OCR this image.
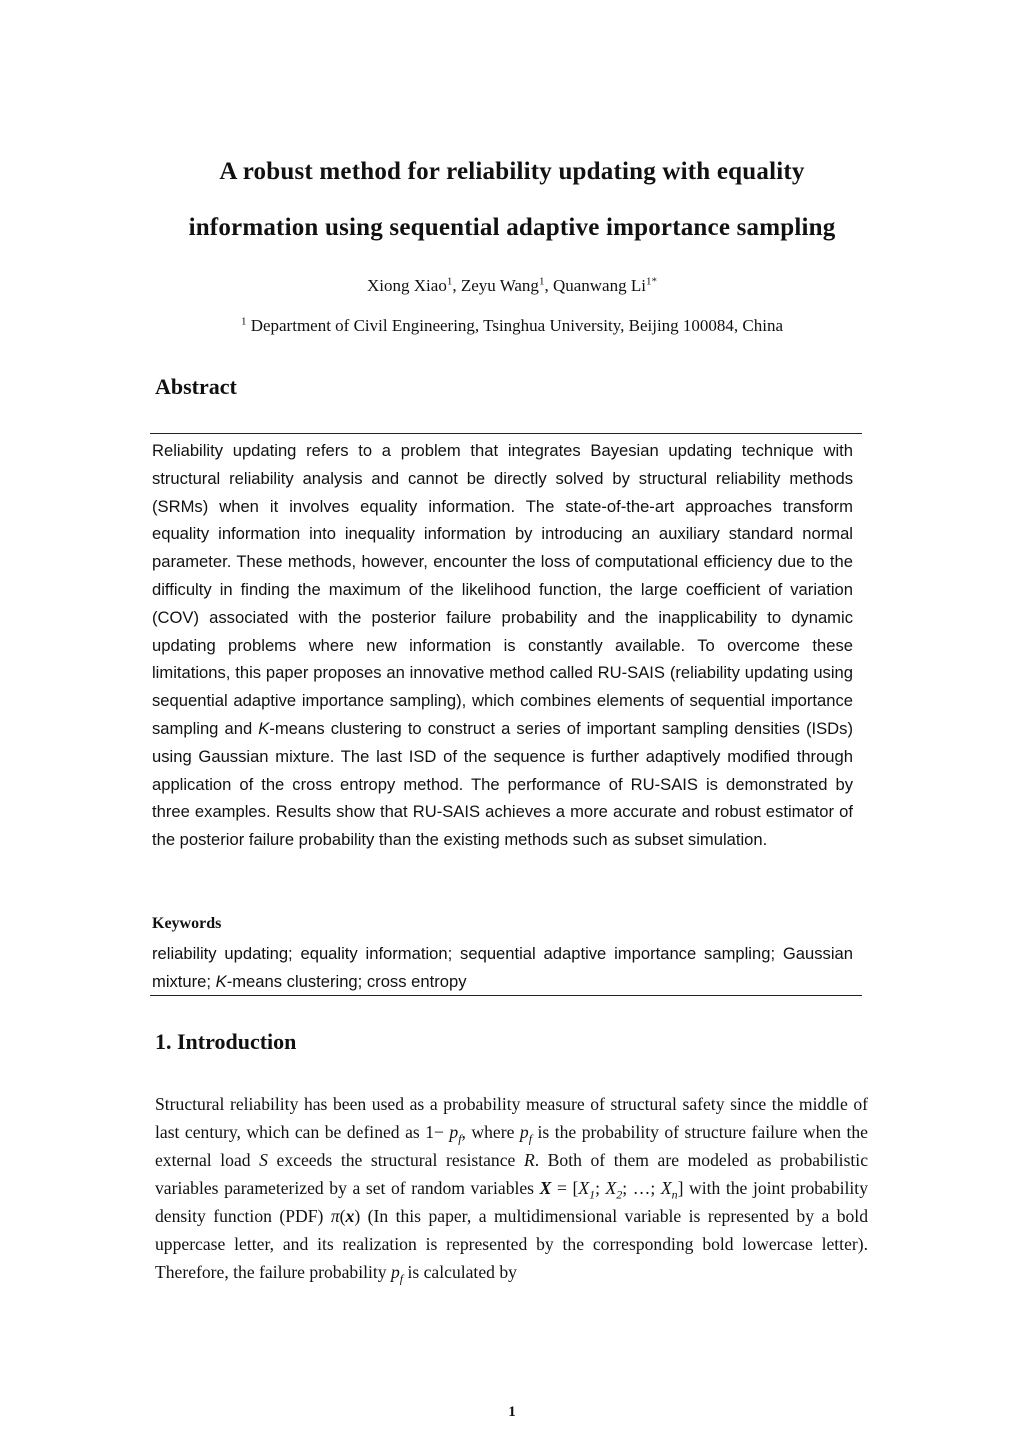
A robust method for reliability updating with equality
information using sequential adaptive importance sampling
Xiong Xiao$^1$, Zeyu Wang$^1$, Quanwang $Li^{1*}$
$^1$ Department of Civil Engineering, Tsinghua University, Beijing 100084, China
Abstract
Reliability updating refers to a problem that integrates Bayesian updating technique with structural reliability analysis and cannot be directly solved by structural reliability methods (SRMs) when it involves equality information. The state-of-the-art approaches transform equality information into inequality information by introducing an auxiliary standard normal parameter. These methods, however, encounter the loss of computational efficiency due to the difficulty in finding the maximum of the likelihood function, the large coefficient of variation (COV) associated with the posterior failure probability and the inapplicability to dynamic updating problems where new information is constantly available. To overcome these limitations, this paper proposes an innovative method called RU-SAIS (reliability updating using sequential adaptive importance sampling), which combines elements of sequential importance sampling and K-means clustering to construct a series of important sampling densities (ISDs) using Gaussian mixture. The last ISD of the sequence is further adaptively modified through application of the cross entropy method. The performance of RU-SAIS is demonstrated by three examples. Results show that RU-SAIS achieves a more accurate and robust estimator of the posterior failure probability than the existing methods such as subset simulation.
Keywords
reliability updating; equality information; sequential adaptive importance sampling; Gaussian mixture; K-means clustering; cross entropy
1. Introduction
Structural reliability has been used as a probability measure of structural safety since the middle of last century, which can be defined as $1- p_f$, where $p_f$ is the probability of structure failure when the external load S exceeds the structural resistance R. Both of them are modeled as probabilistic variables parameterized by a set of random variables $X = [X_1$; $X_2$; …; $X_n$] with the joint probability density function (PDF) π(x) (In this paper, a multidimensional variable is represented by a bold uppercase letter, and its realization is represented by the corresponding bold lowercase letter). Therefore, the failure probability $p_f$ is calculated by
1
